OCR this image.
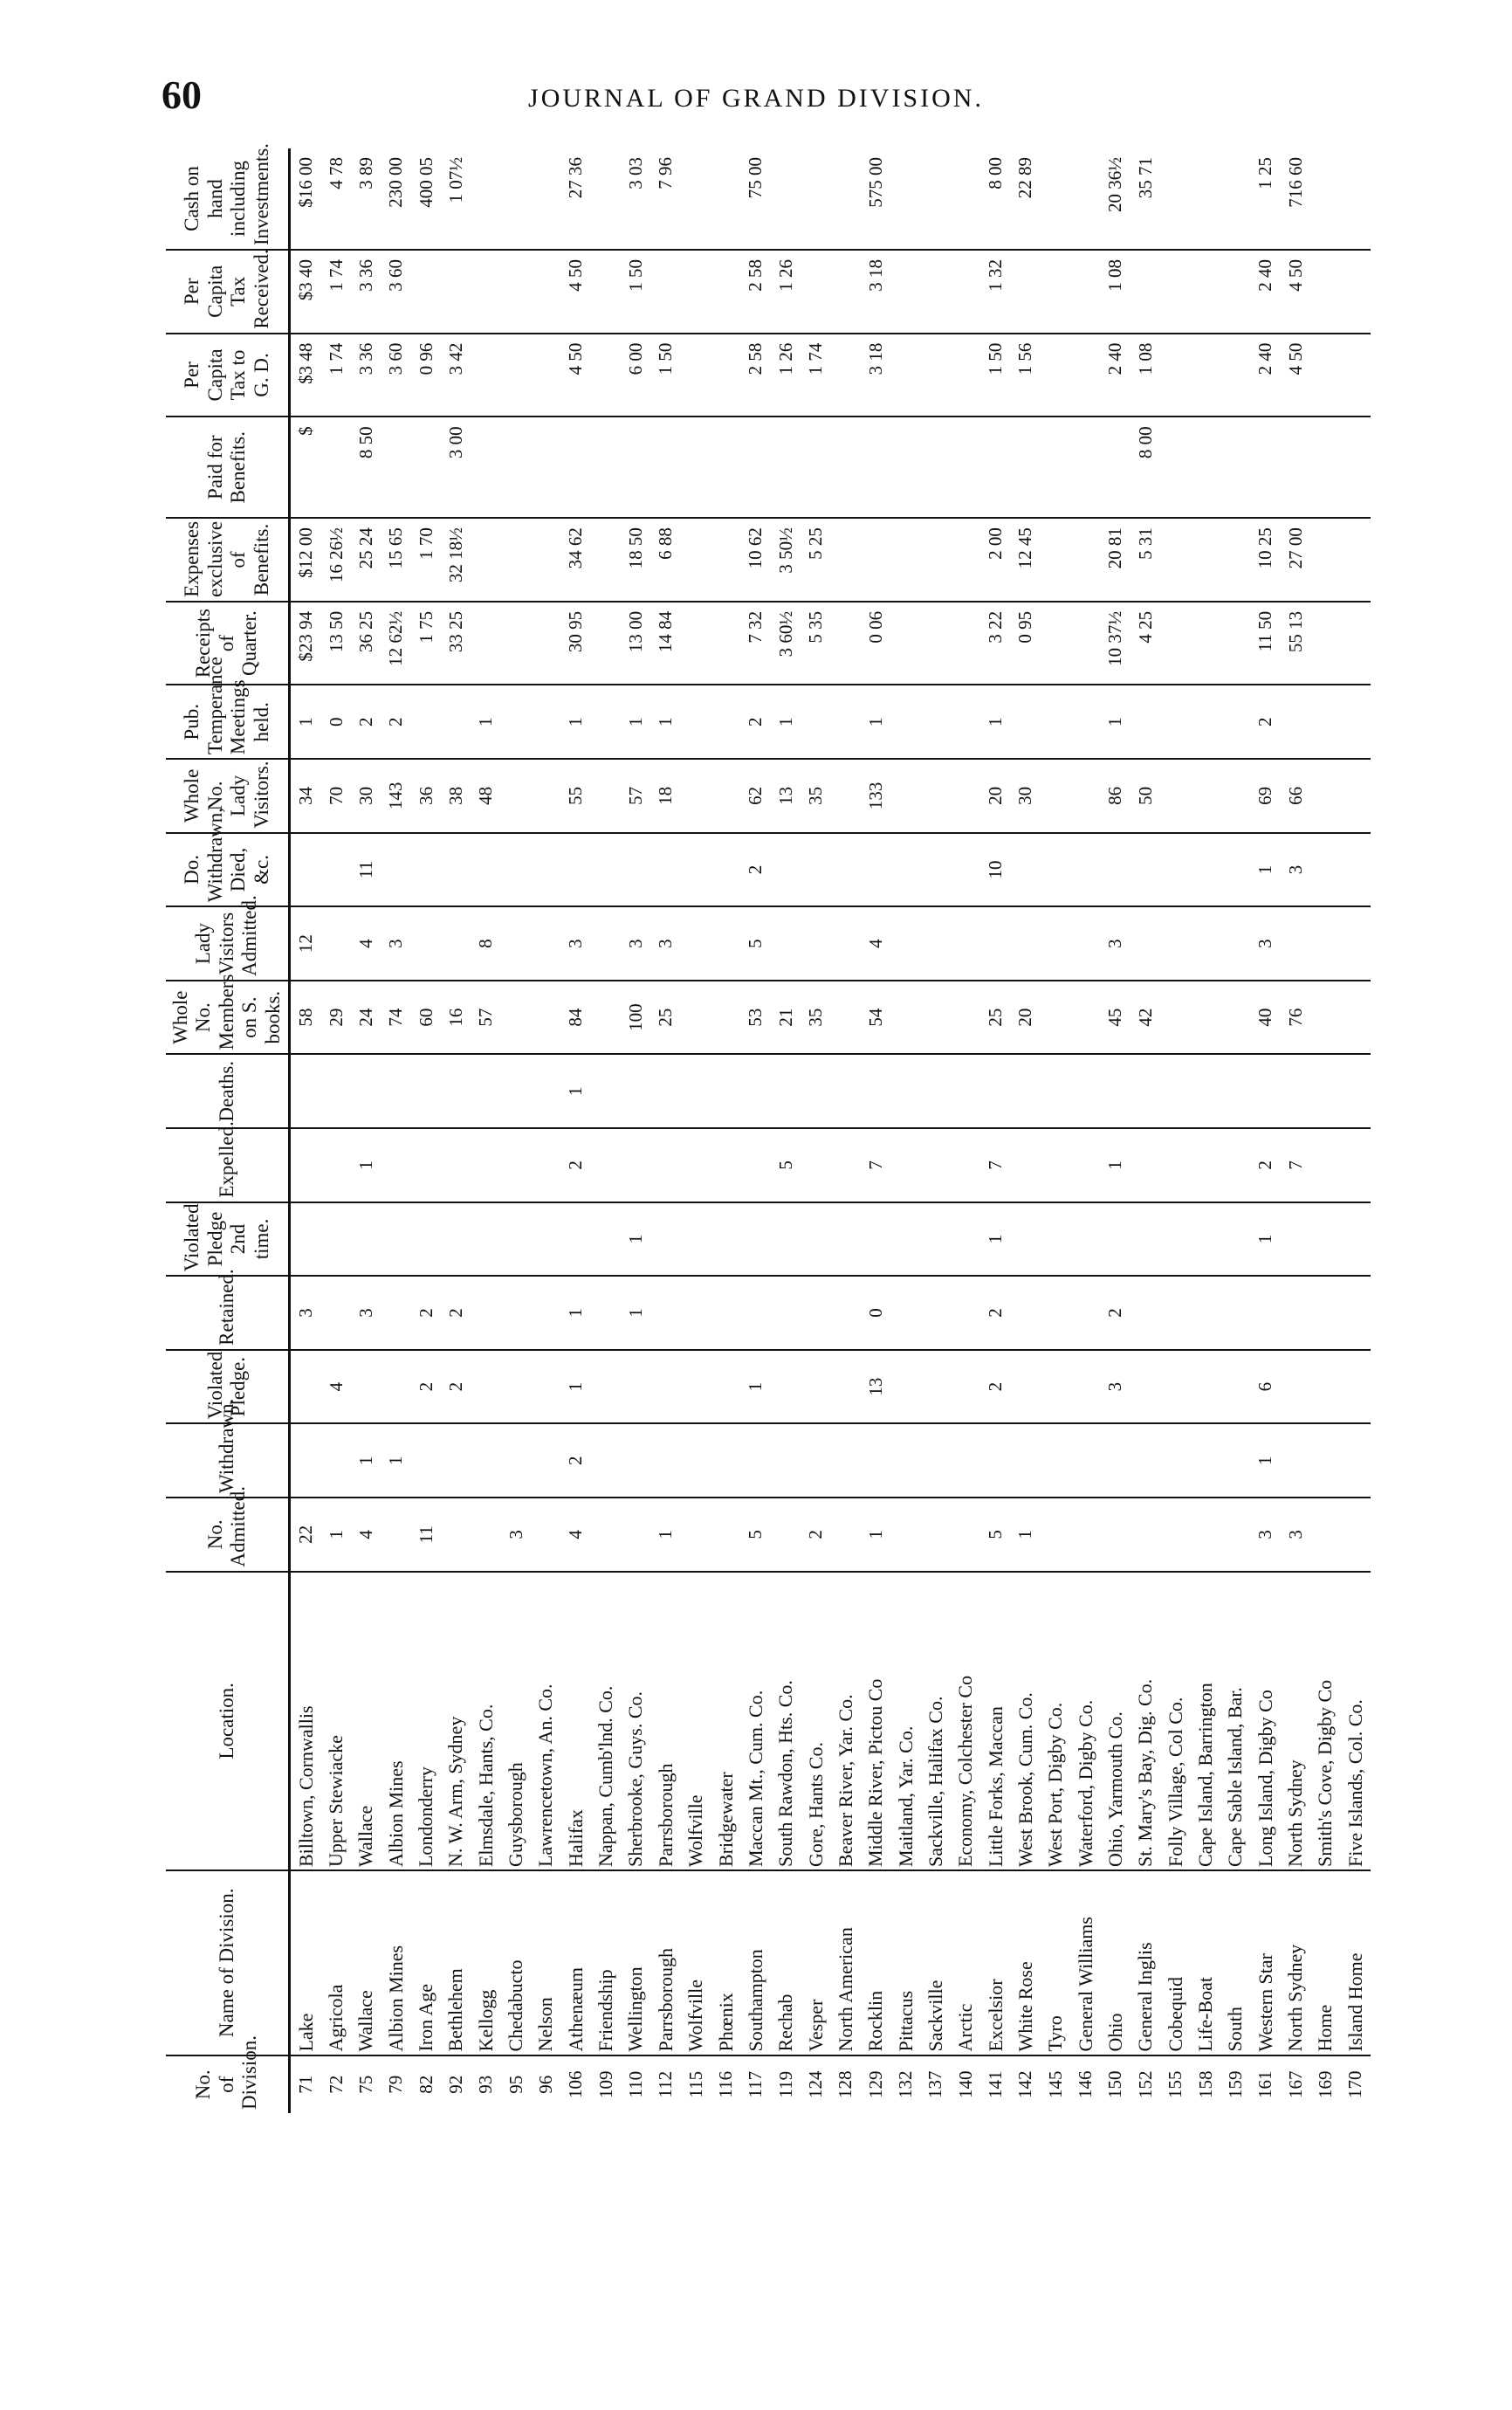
60	JOURNAL OF GRAND DIVISION.
No. of Division.	Name of Division.	Location.	No. Admitted.	Withdrawn.	Violated Pledge.	Retained.	Violated Pledge 2nd time.	Expelled.	Deaths.	Whole No. Members on S. books.	Lady Visitors Admitted.	Do. Withdrawn, Died, &c.	Whole No. Lady Visitors.	Pub. Temperance Meetings held.	Receipts of Quarter.	Expenses exclusive of Benefits.	Paid for Benefits.	Per Capita Tax to G. D.	Per Capita Tax Received.	Cash on hand including Investments.
71	Lake	Billtown, Cornwallis	22			3				58	12		34	1	$23 94	$12 00	$	$3 48	$3 40	$16 00
72	Agricola	Upper Stewiacke	1		4					29			70	0	13 50	16 26½		1 74	1 74	4 78
75	Wallace	Wallace	4	1		3		1		24	4	11	30	2	36 25	25 24	8 50	3 36	3 36	3 89
79	Albion Mines	Albion Mines		1						74	3		143	2	12 62½	15 65		3 60	3 60	230 00
82	Iron Age	Londonderry	11		2	2				60			36		1 75	1 70		0 96		400 05
92	Bethlehem	N. W. Arm, Sydney			2	2				16			38		33 25	32 18½	3 00	3 42		1 07½
93	Kellogg	Elmsdale, Hants, Co.								57	8		48	1						
95	Chedabucto	Guysborough	3																	
96	Nelson	Lawrencetown, An. Co.																		
106	Athenæum	Halifax	4	2	1	1		2	1	84	3		55	1	30 95	34 62		4 50	4 50	27 36
109	Friendship	Nappan, Cumb'lnd. Co.																		
110	Wellington	Sherbrooke, Guys. Co.				1	1			100	3		57	1	13 00	18 50		6 00	1 50	3 03
112	Parrsborough	Parrsborough	1							25	3		18	1	14 84	6 88		1 50		7 96
115	Wolfville	Wolfville																		
116	Phœnix	Bridgewater																		
117	Southampton	Maccan Mt., Cum. Co.	5		1					53	5	2	62	2	7 32	10 62		2 58	2 58	75 00
119	Rechab	South Rawdon, Hts. Co.						5		21			13	1	3 60½	3 50½		1 26	1 26	
124	Vesper	Gore, Hants Co.	2							35			35		5 35	5 25		1 74		
128	North American	Beaver River, Yar. Co.																		
129	Rocklin	Middle River, Pictou Co	1		13	0		7		54	4		133	1	0 06			3 18	3 18	575 00
132	Pittacus	Maitland, Yar. Co.																		
137	Sackville	Sackville, Halifax Co.																		
140	Arctic	Economy, Colchester Co																		
141	Excelsior	Little Forks, Maccan	5		2	2	1	7		25		10	20	1	3 22	2 00		1 50	1 32	8 00
142	White Rose	West Brook, Cum. Co.	1							20			30		0 95	12 45		1 56		22 89
145	Tyro	West Port, Digby Co.																		
146	General Williams	Waterford, Digby Co.																		
150	Ohio	Ohio, Yarmouth Co.			3	2		1		45	3		86	1	10 37½	20 81		2 40	1 08	20 36½
152	General Inglis	St. Mary's Bay, Dig. Co.								42			50		4 25	5 31	8 00	1 08		35 71
155	Cobequid	Folly Village, Col Co.																		
158	Life-Boat	Cape Island, Barrington																		
159	South	Cape Sable Island, Bar.																		
161	Western Star	Long Island, Digby Co	3	1	6		1	2		40	3	1	69	2	11 50	10 25		2 40	2 40	1 25
167	North Sydney	North Sydney	3					7		76		3	66		55 13	27 00		4 50	4 50	716 60
169	Home	Smith's Cove, Digby Co																		
170	Island Home	Five Islands, Col. Co.																		
